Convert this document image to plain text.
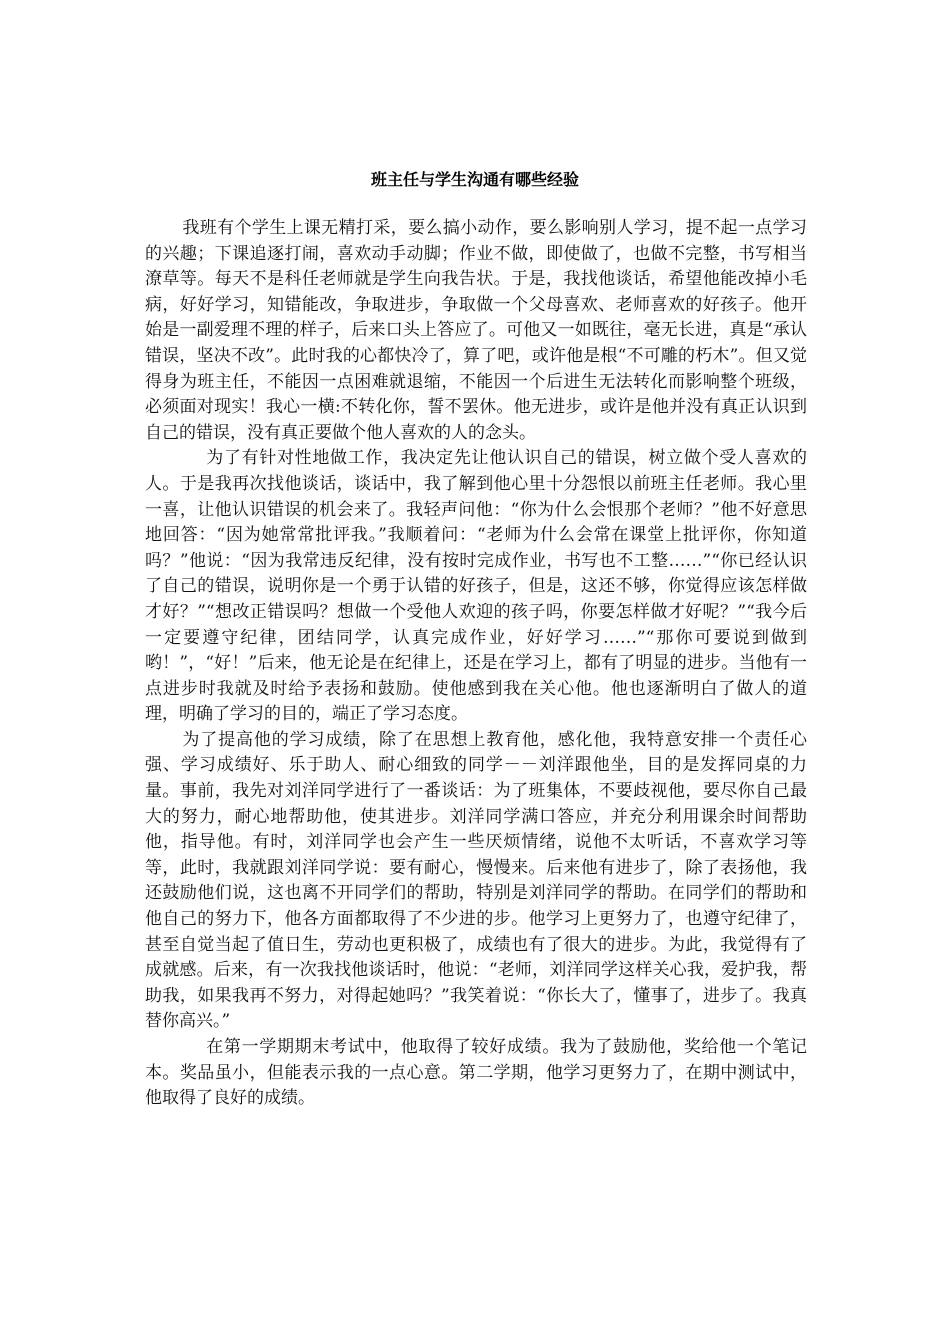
班主任与学生沟通有哪些经验

我班有个学生上课无精打采，要么搞小动作，要么影响别人学习，提不起一点学习的兴趣；下课追逐打闹，喜欢动手动脚；作业不做，即使做了，也做不完整，书写相当潦草等。每天不是科任老师就是学生向我告状。于是，我找他谈话，希望他能改掉小毛病，好好学习，知错能改，争取进步，争取做一个父母喜欢、老师喜欢的好孩子。他开始是一副爱理不理的样子，后来口头上答应了。可他又一如既往，毫无长进，真是“承认错误，坚决不改”。此时我的心都快冷了，算了吧，或许他是根“不可雕的朽木”。但又觉得身为班主任，不能因一点困难就退缩，不能因一个后进生无法转化而影响整个班级，必须面对现实！我心一横:不转化你，誓不罢休。他无进步，或许是他并没有真正认识到自己的错误，没有真正要做个他人喜欢的人的念头。

为了有针对性地做工作，我决定先让他认识自己的错误，树立做个受人喜欢的人。于是我再次找他谈话，谈话中，我了解到他心里十分怨恨以前班主任老师。我心里一喜，让他认识错误的机会来了。我轻声问他：“你为什么会恨那个老师？”他不好意思地回答：“因为她常常批评我。”我顺着问：“老师为什么会常在课堂上批评你，你知道吗？”他说：“因为我常违反纪律，没有按时完成作业，书写也不工整……”“你已经认识了自己的错误，说明你是一个勇于认错的好孩子，但是，这还不够，你觉得应该怎样做才好？”“想改正错误吗？想做一个受他人欢迎的孩子吗，你要怎样做才好呢？”“我今后一定要遵守纪律，团结同学，认真完成作业，好好学习……”“那你可要说到做到哟！”，“好！”后来，他无论是在纪律上，还是在学习上，都有了明显的进步。当他有一点进步时我就及时给予表扬和鼓励。使他感到我在关心他。他也逐渐明白了做人的道理，明确了学习的目的，端正了学习态度。

为了提高他的学习成绩，除了在思想上教育他，感化他，我特意安排一个责任心强、学习成绩好、乐于助人、耐心细致的同学－－刘洋跟他坐，目的是发挥同桌的力量。事前，我先对刘洋同学进行了一番谈话：为了班集体，不要歧视他，要尽你自己最大的努力，耐心地帮助他，使其进步。刘洋同学满口答应，并充分利用课余时间帮助他，指导他。有时，刘洋同学也会产生一些厌烦情绪，说他不太听话，不喜欢学习等等，此时，我就跟刘洋同学说：要有耐心，慢慢来。后来他有进步了，除了表扬他，我还鼓励他们说，这也离不开同学们的帮助，特别是刘洋同学的帮助。在同学们的帮助和他自己的努力下，他各方面都取得了不少进的步。他学习上更努力了，也遵守纪律了，甚至自觉当起了值日生，劳动也更积极了，成绩也有了很大的进步。为此，我觉得有了成就感。后来，有一次我找他谈话时，他说：“老师，刘洋同学这样关心我，爱护我，帮助我，如果我再不努力，对得起她吗？”我笑着说：“你长大了，懂事了，进步了。我真替你高兴。”

在第一学期期末考试中，他取得了较好成绩。我为了鼓励他，奖给他一个笔记本。奖品虽小，但能表示我的一点心意。第二学期，他学习更努力了，在期中测试中，他取得了良好的成绩。
